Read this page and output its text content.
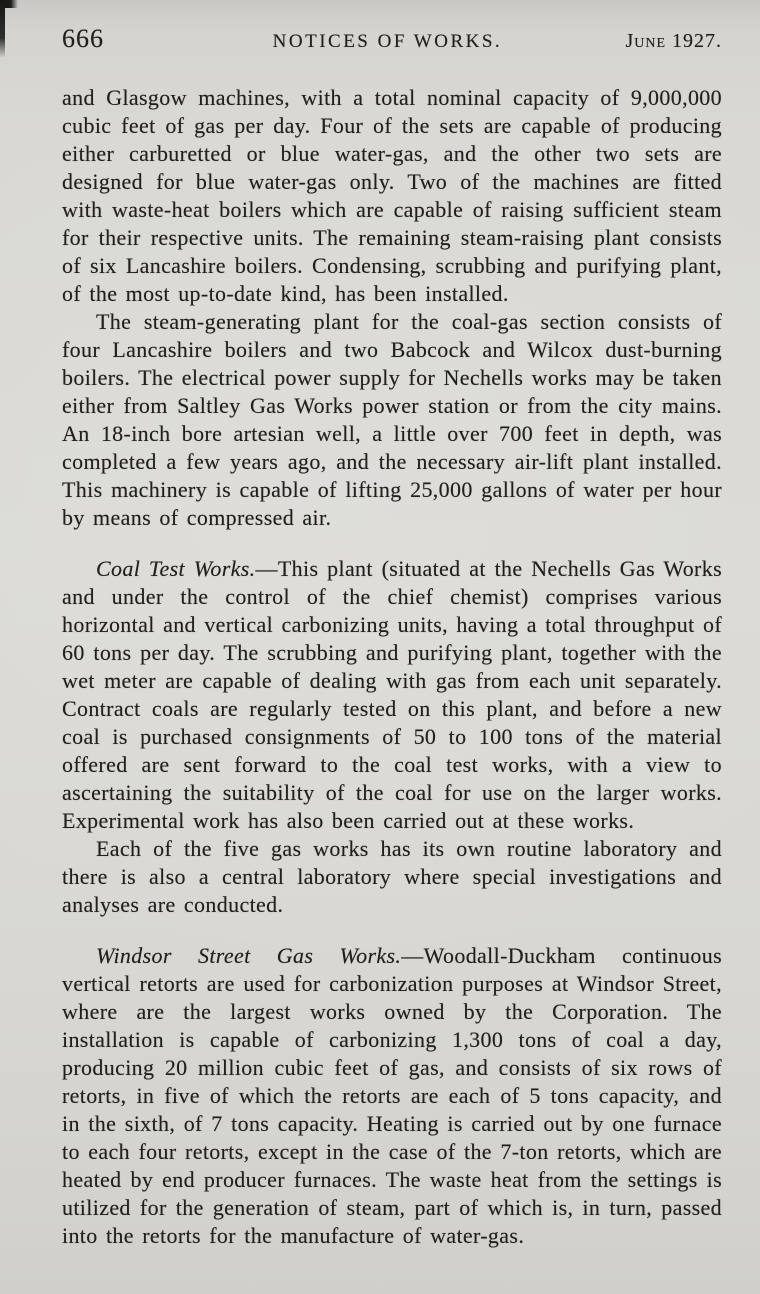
666	NOTICES OF WORKS.	June 1927.

and Glasgow machines, with a total nominal capacity of 9,000,000 cubic feet of gas per day. Four of the sets are capable of producing either carburetted or blue water-gas, and the other two sets are designed for blue water-gas only. Two of the machines are fitted with waste-heat boilers which are capable of raising sufficient steam for their respective units. The remaining steam-raising plant consists of six Lancashire boilers. Condensing, scrubbing and purifying plant, of the most up-to-date kind, has been installed.

The steam-generating plant for the coal-gas section consists of four Lancashire boilers and two Babcock and Wilcox dust-burning boilers. The electrical power supply for Nechells works may be taken either from Saltley Gas Works power station or from the city mains. An 18-inch bore artesian well, a little over 700 feet in depth, was completed a few years ago, and the necessary air-lift plant installed. This machinery is capable of lifting 25,000 gallons of water per hour by means of compressed air.

Coal Test Works.—This plant (situated at the Nechells Gas Works and under the control of the chief chemist) comprises various horizontal and vertical carbonizing units, having a total throughput of 60 tons per day. The scrubbing and purifying plant, together with the wet meter are capable of dealing with gas from each unit separately. Contract coals are regularly tested on this plant, and before a new coal is purchased consignments of 50 to 100 tons of the material offered are sent forward to the coal test works, with a view to ascertaining the suitability of the coal for use on the larger works. Experimental work has also been carried out at these works.

Each of the five gas works has its own routine laboratory and there is also a central laboratory where special investigations and analyses are conducted.

Windsor Street Gas Works.—Woodall-Duckham continuous vertical retorts are used for carbonization purposes at Windsor Street, where are the largest works owned by the Corporation. The installation is capable of carbonizing 1,300 tons of coal a day, producing 20 million cubic feet of gas, and consists of six rows of retorts, in five of which the retorts are each of 5 tons capacity, and in the sixth, of 7 tons capacity. Heating is carried out by one furnace to each four retorts, except in the case of the 7-ton retorts, which are heated by end producer furnaces. The waste heat from the settings is utilized for the generation of steam, part of which is, in turn, passed into the retorts for the manufacture of water-gas.
